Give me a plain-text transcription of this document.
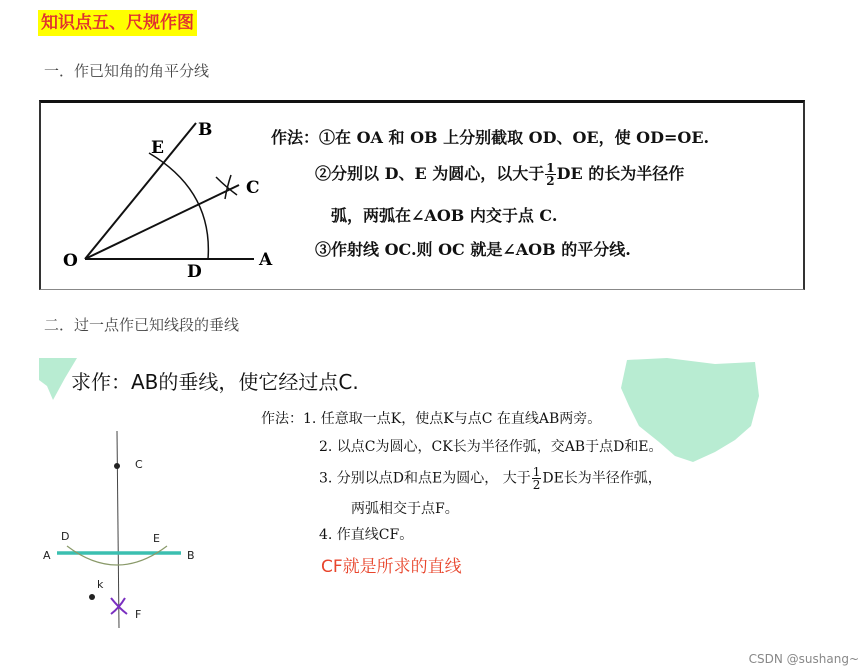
知识点五、尺规作图
一．作已知角的角平分线
O	A
B
C
D
E
作法：①在 OA 和 OB 上分别截取 OD、OE，使 OD=OE.
②分别以 D、E 为圆心，以大于 $\frac{1}{2}$ DE 的长为半径作
弧，两弧在∠AOB 内交于点 C.
③作射线 OC.则 OC 就是∠AOB 的平分线.
二．过一点作已知线段的垂线
C
A	B
D	E
k
F
求作：AB的垂线，使它经过点C.
作法：1. 任意取一点K，使点K与点C 在直线AB两旁。
2. 以点C为圆心，CK长为半径作弧，交AB于点D和E。
3. 分别以点D和点E为圆心， 大于 $\frac{1}{2}$ DE长为半径作弧，
两弧相交于点F。
4. 作直线CF。
CF就是所求的直线
CSDN @sushang~
